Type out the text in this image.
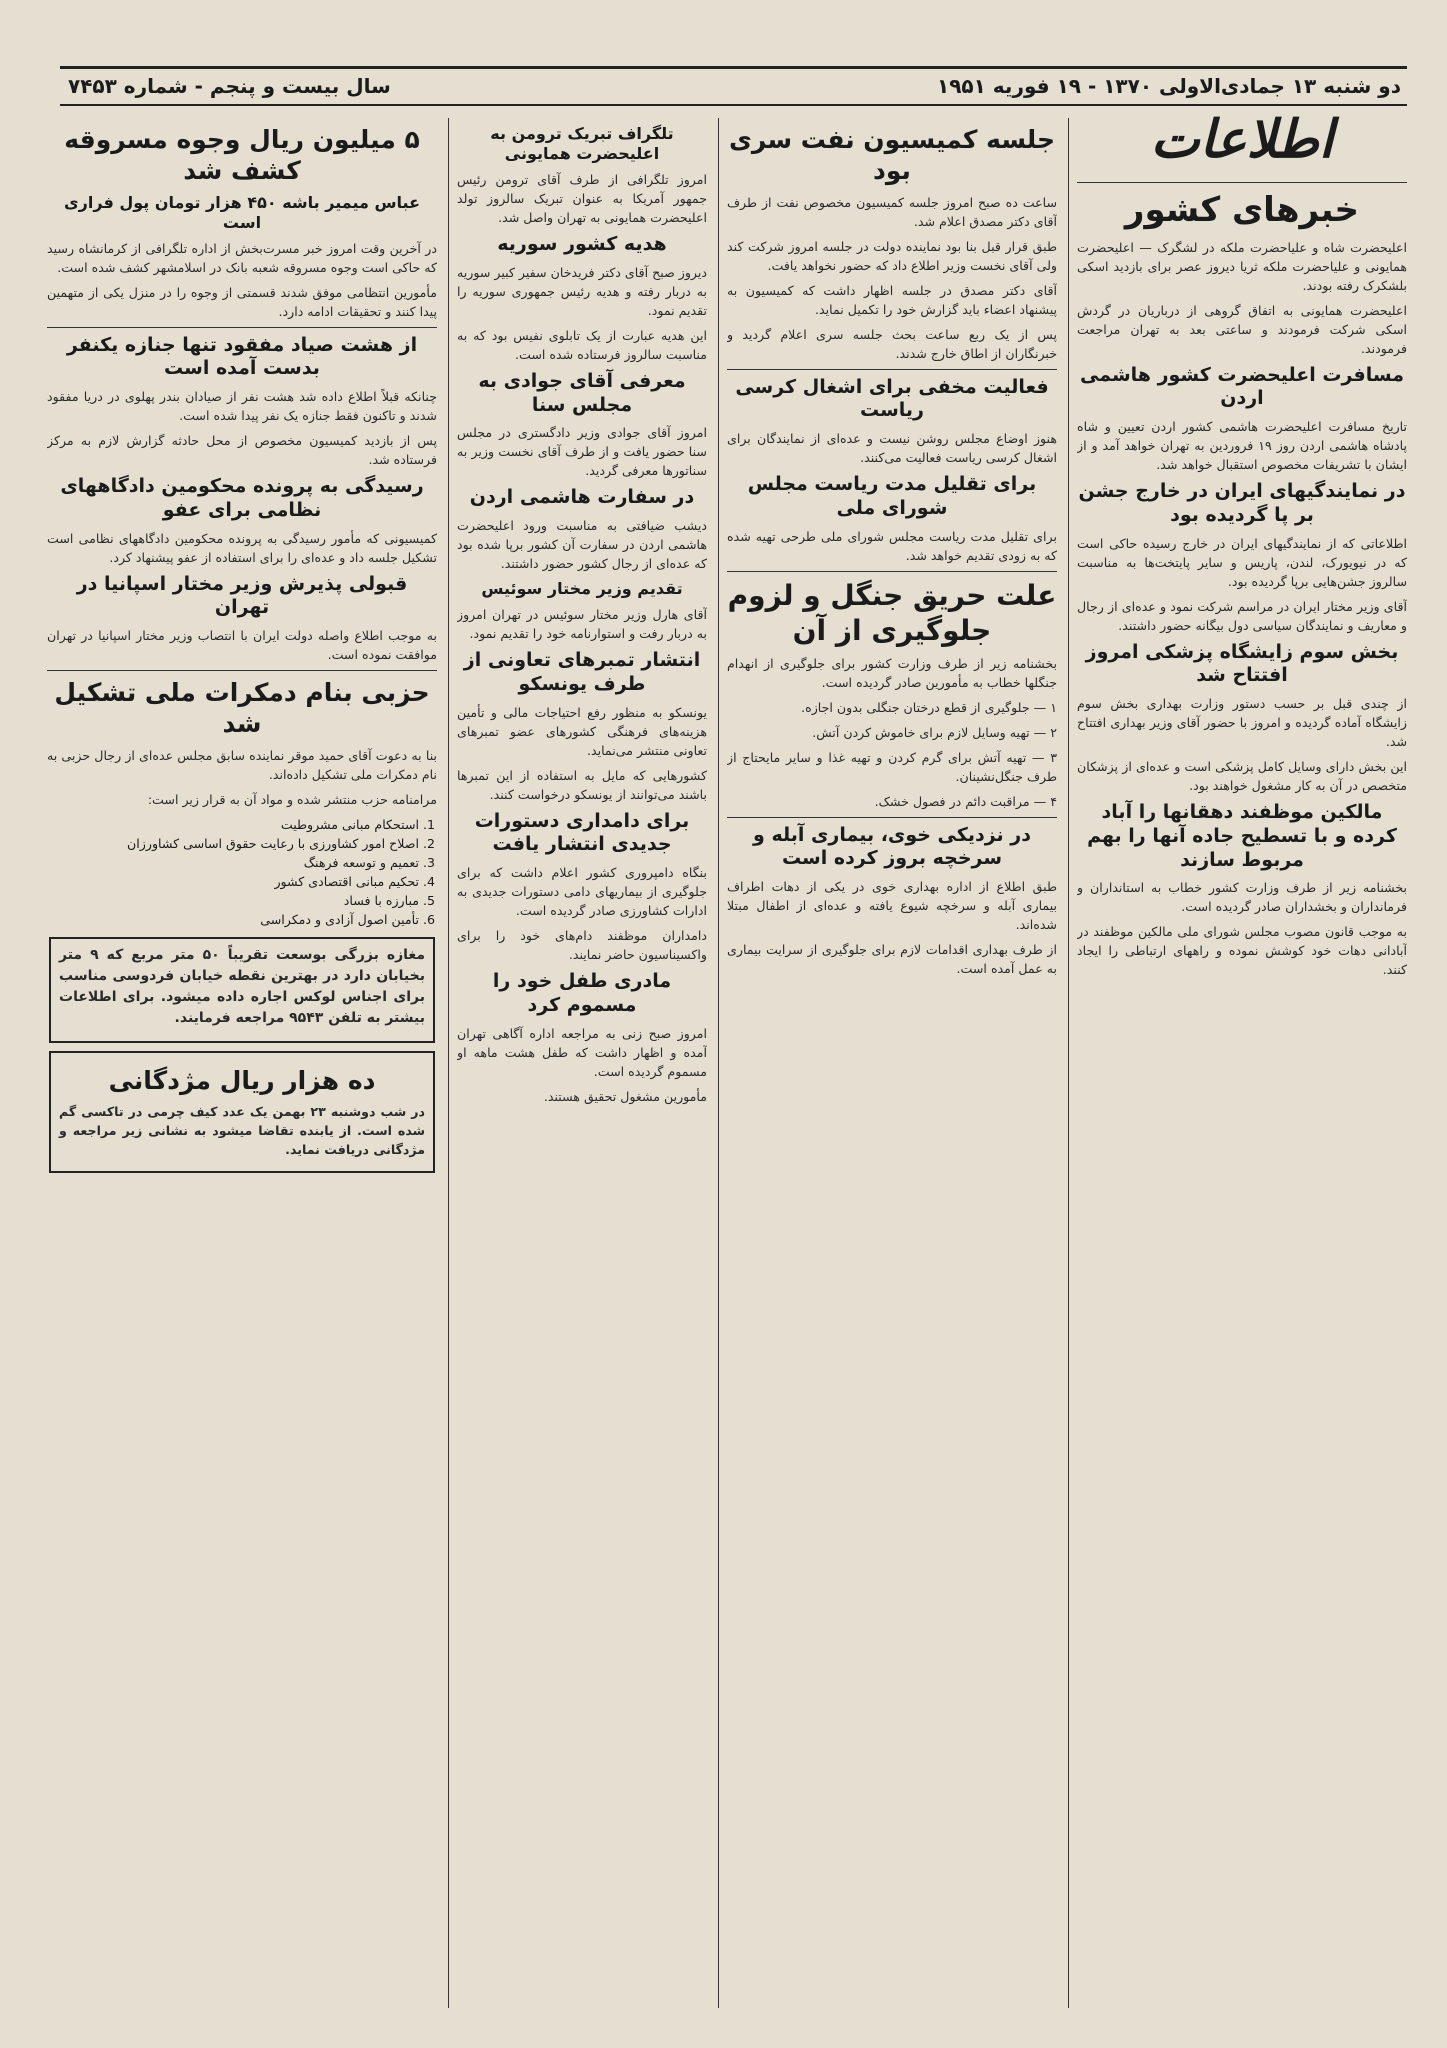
دو شنبه ۱۳ جمادی‌الاولی ۱۳۷۰ - ۱۹ فوریه ۱۹۵۱
سال بیست و پنجم - شماره ۷۴۵۳
اطلاعات
خبرهای کشور

اعلیحضرت شاه و علیاحضرت ملکه در لشگرک — اعلیحضرت همایونی و علیاحضرت ملکه ثریا دیروز عصر برای بازدید اسکی بلشکرک رفته بودند.

اعلیحضرت همایونی به اتفاق گروهی از درباریان در گردش اسکی شرکت فرمودند و ساعتی بعد به تهران مراجعت فرمودند.

مسافرت اعلیحضرت کشور هاشمی اردن

تاریخ مسافرت اعلیحضرت هاشمی کشور اردن تعیین و شاه پادشاه هاشمی اردن روز ۱۹ فروردین به تهران خواهد آمد و از ایشان با تشریفات مخصوص استقبال خواهد شد.

در نمایندگیهای ایران در خارج جشن بر پا گردیده بود

اطلاعاتی که از نمایندگیهای ایران در خارج رسیده حاکی است که در نیویورک، لندن، پاریس و سایر پایتخت‌ها به مناسبت سالروز جشن‌هایی برپا گردیده بود.

آقای وزیر مختار ایران در مراسم شرکت نمود و عده‌ای از رجال و معاریف و نمایندگان سیاسی دول بیگانه حضور داشتند.

بخش سوم زایشگاه پزشکی امروز افتتاح شد

از چندی قبل بر حسب دستور وزارت بهداری بخش سوم زایشگاه آماده گردیده و امروز با حضور آقای وزیر بهداری افتتاح شد.

این بخش دارای وسایل کامل پزشکی است و عده‌ای از پزشکان متخصص در آن به کار مشغول خواهند بود.

مالکین موظفند دهقانها را آباد کرده و با تسطیح جاده آنها را بهم مربوط سازند

بخشنامه زیر از طرف وزارت کشور خطاب به استانداران و فرمانداران و بخشداران صادر گردیده است.

به موجب قانون مصوب مجلس شورای ملی مالکین موظفند در آبادانی دهات خود کوشش نموده و راههای ارتباطی را ایجاد کنند.

جلسه کمیسیون نفت سری بود

ساعت ده صبح امروز جلسه کمیسیون مخصوص نفت از طرف آقای دکتر مصدق اعلام شد.

طبق قرار قبل بنا بود نماینده دولت در جلسه امروز شرکت کند ولی آقای نخست وزیر اطلاع داد که حضور نخواهد یافت.

آقای دکتر مصدق در جلسه اظهار داشت که کمیسیون به پیشنهاد اعضاء باید گزارش خود را تکمیل نماید.

پس از یک ربع ساعت بحث جلسه سری اعلام گردید و خبرنگاران از اطاق خارج شدند.

فعالیت مخفی برای اشغال کرسی ریاست

هنوز اوضاع مجلس روشن نیست و عده‌ای از نمایندگان برای اشغال کرسی ریاست فعالیت می‌کنند.

برای تقلیل مدت ریاست مجلس شورای ملی

برای تقلیل مدت ریاست مجلس شورای ملی طرحی تهیه شده که به زودی تقدیم خواهد شد.

علت حریق جنگل و لزوم جلوگیری از آن

بخشنامه زیر از طرف وزارت کشور برای جلوگیری از انهدام جنگلها خطاب به مأمورین صادر گردیده است.

۱ — جلوگیری از قطع درختان جنگلی بدون اجازه.

۲ — تهیه وسایل لازم برای خاموش کردن آتش.

۳ — تهیه آتش برای گرم کردن و تهیه غذا و سایر مایحتاج از طرف جنگل‌نشینان.

۴ — مراقبت دائم در فصول خشک.

در نزدیکی خوی، بیماری آبله و سرخچه بروز کرده است

طبق اطلاع از اداره بهداری خوی در یکی از دهات اطراف بیماری آبله و سرخچه شیوع یافته و عده‌ای از اطفال مبتلا شده‌اند.

از طرف بهداری اقدامات لازم برای جلوگیری از سرایت بیماری به عمل آمده است.

تلگراف تبریک ترومن به اعلیحضرت همایونی

امروز تلگرافی از طرف آقای ترومن رئیس جمهور آمریکا به عنوان تبریک سالروز تولد اعلیحضرت همایونی به تهران واصل شد.

هدیه کشور سوریه

دیروز صبح آقای دکتر فریدخان سفیر کبیر سوریه به دربار رفته و هدیه رئیس جمهوری سوریه را تقدیم نمود.

این هدیه عبارت از یک تابلوی نفیس بود که به مناسبت سالروز فرستاده شده است.

معرفی آقای جوادی به مجلس سنا

امروز آقای جوادی وزیر دادگستری در مجلس سنا حضور یافت و از طرف آقای نخست وزیر به سناتورها معرفی گردید.

در سفارت هاشمی اردن

دیشب ضیافتی به مناسبت ورود اعلیحضرت هاشمی اردن در سفارت آن کشور برپا شده بود که عده‌ای از رجال کشور حضور داشتند.

تقدیم وزیر مختار سوئیس

آقای هارل وزیر مختار سوئیس در تهران امروز به دربار رفت و استوارنامه خود را تقدیم نمود.

انتشار تمبرهای تعاونی از طرف یونسکو

یونسکو به منظور رفع احتیاجات مالی و تأمین هزینه‌های فرهنگی کشورهای عضو تمبرهای تعاونی منتشر می‌نماید.

کشورهایی که مایل به استفاده از این تمبرها باشند می‌توانند از یونسکو درخواست کنند.

برای دامداری دستورات جدیدی انتشار یافت

بنگاه دامپروری کشور اعلام داشت که برای جلوگیری از بیماریهای دامی دستورات جدیدی به ادارات کشاورزی صادر گردیده است.

دامداران موظفند دام‌های خود را برای واکسیناسیون حاضر نمایند.

مادری طفل خود را مسموم کرد

امروز صبح زنی به مراجعه اداره آگاهی تهران آمده و اظهار داشت که طفل هشت ماهه او مسموم گردیده است.

مأمورین مشغول تحقیق هستند.

۵ میلیون ریال وجوه مسروقه کشف شد
عباس میمیر باشه ۴۵۰ هزار تومان پول فراری است

در آخرین وقت امروز خبر مسرت‌بخش از اداره تلگرافی از کرمانشاه رسید که حاکی است وجوه مسروقه شعبه بانک در اسلامشهر کشف شده است.

مأمورین انتظامی موفق شدند قسمتی از وجوه را در منزل یکی از متهمین پیدا کنند و تحقیقات ادامه دارد.

از هشت صیاد مفقود تنها جنازه یکنفر بدست آمده است

چنانکه قبلاً اطلاع داده شد هشت نفر از صیادان بندر پهلوی در دریا مفقود شدند و تاکنون فقط جنازه یک نفر پیدا شده است.

پس از بازدید کمیسیون مخصوص از محل حادثه گزارش لازم به مرکز فرستاده شد.

رسیدگی به پرونده محکومین دادگاههای نظامی برای عفو

کمیسیونی که مأمور رسیدگی به پرونده محکومین دادگاههای نظامی است تشکیل جلسه داد و عده‌ای را برای استفاده از عفو پیشنهاد کرد.

قبولی پذیرش وزیر مختار اسپانیا در تهران

به موجب اطلاع واصله دولت ایران با انتصاب وزیر مختار اسپانیا در تهران موافقت نموده است.

حزبی بنام دمکرات ملی تشکیل شد

بنا به دعوت آقای حمید موقر نماینده سابق مجلس عده‌ای از رجال حزبی به نام دمکرات ملی تشکیل داده‌اند.

مرامنامه حزب منتشر شده و مواد آن به قرار زیر است:

1. استحکام مبانی مشروطیت
2. اصلاح امور کشاورزی با رعایت حقوق اساسی کشاورزان
3. تعمیم و توسعه فرهنگ
4. تحکیم مبانی اقتصادی کشور
5. مبارزه با فساد
6. تأمین اصول آزادی و دمکراسی

مغازه بزرگی بوسعت تقریباً ۵۰ متر مربع که ۹ متر بخیابان دارد در بهترین نقطه خیابان فردوسی مناسب برای اجناس لوکس اجاره داده میشود. برای اطلاعات بیشتر به تلفن ۹۵۴۳ مراجعه فرمایند.

ده هزار ریال مژدگانی

در شب دوشنبه ۲۳ بهمن یک عدد کیف چرمی در تاکسی گم شده است. از یابنده تقاضا میشود به نشانی زیر مراجعه و مژدگانی دریافت نماید.
